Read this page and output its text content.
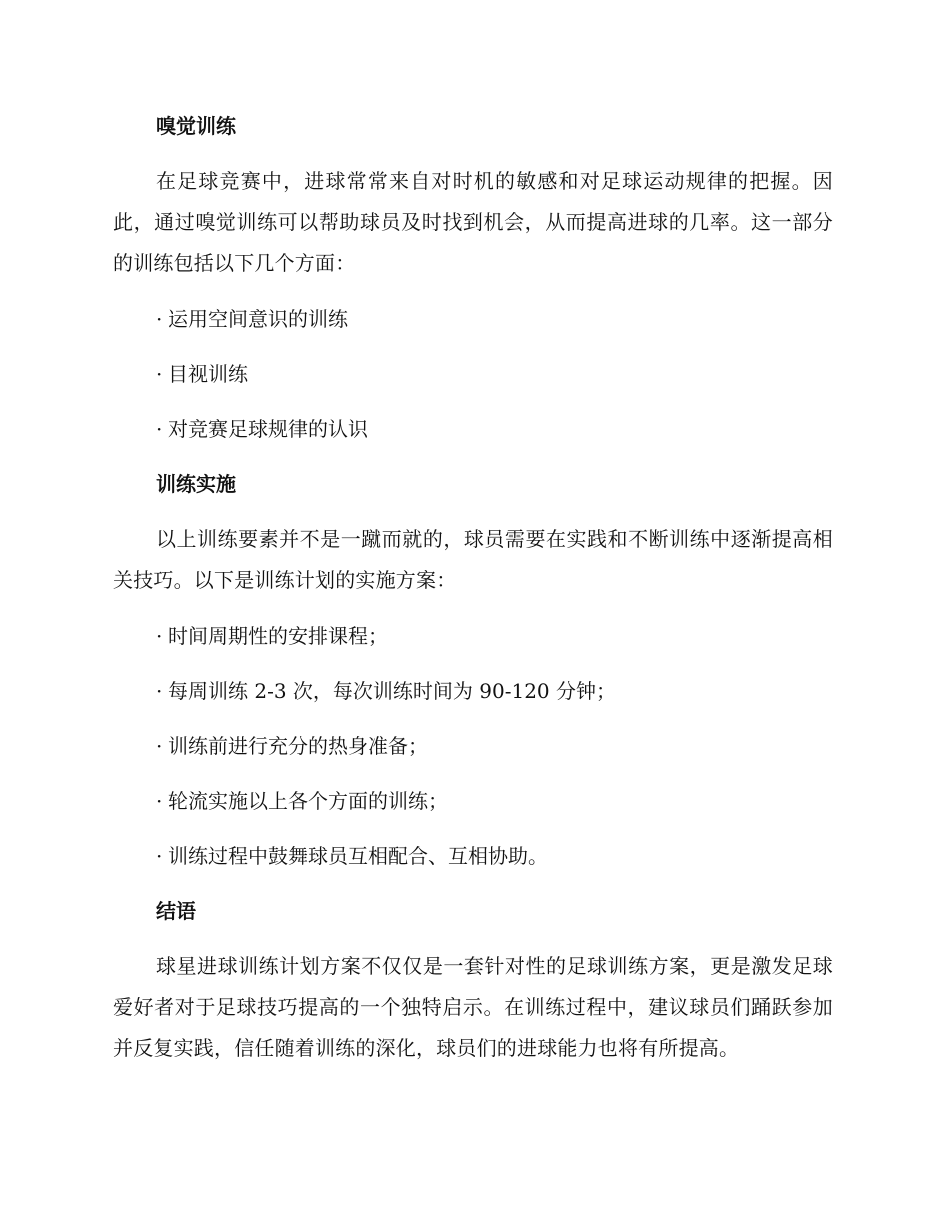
嗅觉训练

在足球竞赛中，进球常常来自对时机的敏感和对足球运动规律的把握。因此，通过嗅觉训练可以帮助球员及时找到机会，从而提高进球的几率。这一部分的训练包括以下几个方面：

· 运用空间意识的训练
· 目视训练
· 对竞赛足球规律的认识
训练实施

以上训练要素并不是一蹴而就的，球员需要在实践和不断训练中逐渐提高相关技巧。以下是训练计划的实施方案：

· 时间周期性的安排课程；
· 每周训练 2-3 次，每次训练时间为 90-120 分钟；
· 训练前进行充分的热身准备；
· 轮流实施以上各个方面的训练；
· 训练过程中鼓舞球员互相配合、互相协助。
结语

球星进球训练计划方案不仅仅是一套针对性的足球训练方案，更是激发足球爱好者对于足球技巧提高的一个独特启示。在训练过程中，建议球员们踊跃参加并反复实践，信任随着训练的深化，球员们的进球能力也将有所提高。
